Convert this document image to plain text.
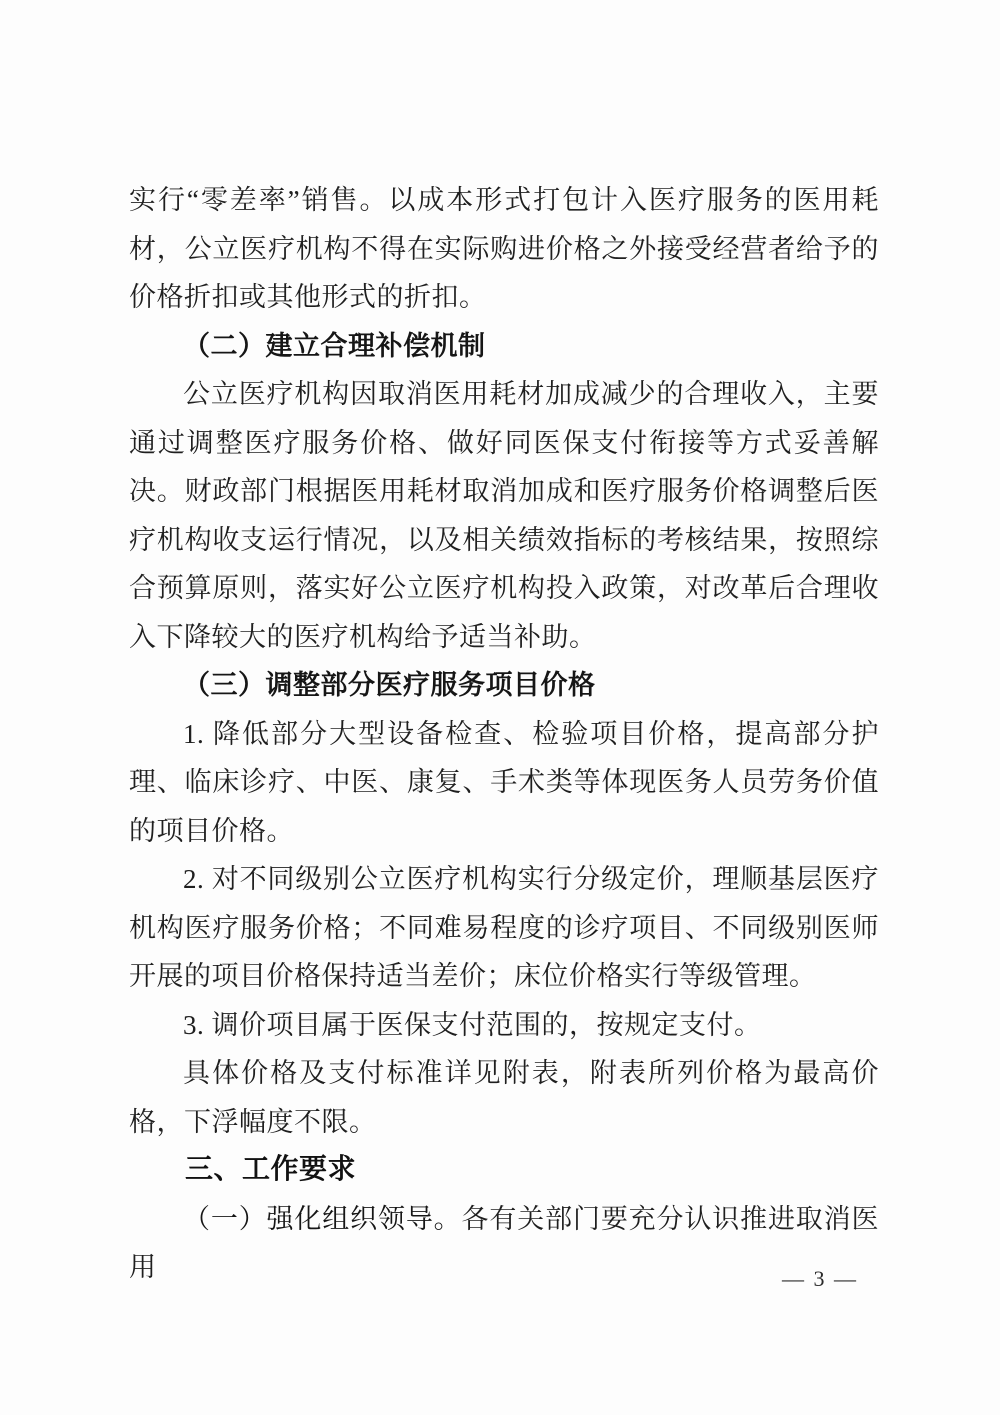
实行“零差率”销售。以成本形式打包计入医疗服务的医用耗材，公立医疗机构不得在实际购进价格之外接受经营者给予的价格折扣或其他形式的折扣。

（二）建立合理补偿机制

公立医疗机构因取消医用耗材加成减少的合理收入，主要通过调整医疗服务价格、做好同医保支付衔接等方式妥善解决。财政部门根据医用耗材取消加成和医疗服务价格调整后医疗机构收支运行情况，以及相关绩效指标的考核结果，按照综合预算原则，落实好公立医疗机构投入政策，对改革后合理收入下降较大的医疗机构给予适当补助。

（三）调整部分医疗服务项目价格

1. 降低部分大型设备检查、检验项目价格，提高部分护理、临床诊疗、中医、康复、手术类等体现医务人员劳务价值的项目价格。

2. 对不同级别公立医疗机构实行分级定价，理顺基层医疗机构医疗服务价格；不同难易程度的诊疗项目、不同级别医师开展的项目价格保持适当差价；床位价格实行等级管理。

3. 调价项目属于医保支付范围的，按规定支付。

具体价格及支付标准详见附表，附表所列价格为最高价格，下浮幅度不限。

三、工作要求

（一）强化组织领导。各有关部门要充分认识推进取消医用	— 3 —
